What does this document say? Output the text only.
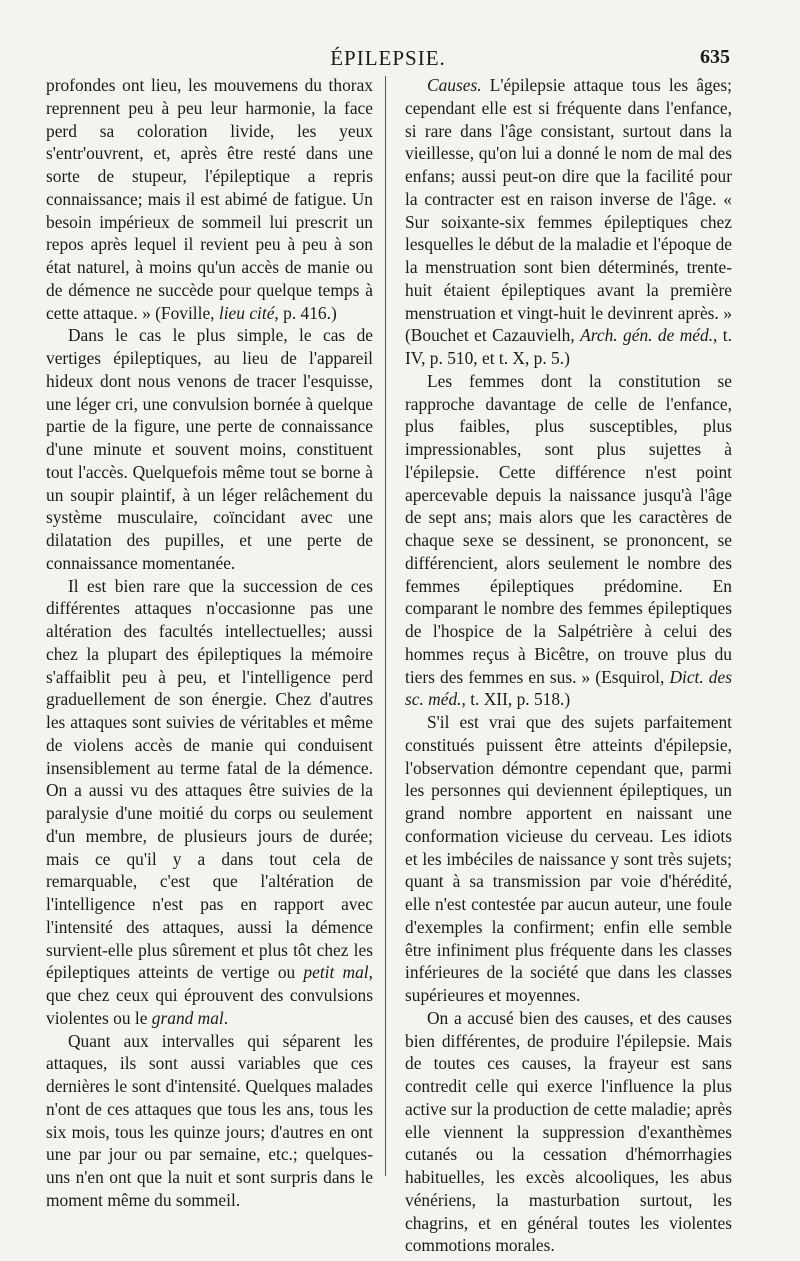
ÉPILEPSIE.	635

profondes ont lieu, les mouvemens du thorax reprennent peu à peu leur harmonie, la face perd sa coloration livide, les yeux s'entr'ouvrent, et, après être resté dans une sorte de stupeur, l'épileptique a repris connaissance; mais il est abimé de fatigue. Un besoin impérieux de sommeil lui prescrit un repos après lequel il revient peu à peu à son état naturel, à moins qu'un accès de manie ou de démence ne succède pour quelque temps à cette attaque. » (Foville, lieu cité, p. 416.)

Dans le cas le plus simple, le cas de vertiges épileptiques, au lieu de l'appareil hideux dont nous venons de tracer l'esquisse, une léger cri, une convulsion bornée à quelque partie de la figure, une perte de connaissance d'une minute et souvent moins, constituent tout l'accès. Quelquefois même tout se borne à un soupir plaintif, à un léger relâchement du système musculaire, coïncidant avec une dilatation des pupilles, et une perte de connaissance momentanée.

Il est bien rare que la succession de ces différentes attaques n'occasionne pas une altération des facultés intellectuelles; aussi chez la plupart des épileptiques la mémoire s'affaiblit peu à peu, et l'intelligence perd graduellement de son énergie. Chez d'autres les attaques sont suivies de véritables et même de violens accès de manie qui conduisent insensiblement au terme fatal de la démence. On a aussi vu des attaques être suivies de la paralysie d'une moitié du corps ou seulement d'un membre, de plusieurs jours de durée; mais ce qu'il y a dans tout cela de remarquable, c'est que l'altération de l'intelligence n'est pas en rapport avec l'intensité des attaques, aussi la démence survient-elle plus sûrement et plus tôt chez les épileptiques atteints de vertige ou petit mal, que chez ceux qui éprouvent des convulsions violentes ou le grand mal.

Quant aux intervalles qui séparent les attaques, ils sont aussi variables que ces dernières le sont d'intensité. Quelques malades n'ont de ces attaques que tous les ans, tous les six mois, tous les quinze jours; d'autres en ont une par jour ou par semaine, etc.; quelques-uns n'en ont que la nuit et sont surpris dans le moment même du sommeil.

Causes. L'épilepsie attaque tous les âges; cependant elle est si fréquente dans l'enfance, si rare dans l'âge consistant, surtout dans la vieillesse, qu'on lui a donné le nom de mal des enfans; aussi peut-on dire que la facilité pour la contracter est en raison inverse de l'âge. « Sur soixante-six femmes épileptiques chez lesquelles le début de la maladie et l'époque de la menstruation sont bien déterminés, trente-huit étaient épileptiques avant la première menstruation et vingt-huit le devinrent après. » (Bouchet et Cazauvielh, Arch. gén. de méd., t. IV, p. 510, et t. X, p. 5.)

Les femmes dont la constitution se rapproche davantage de celle de l'enfance, plus faibles, plus susceptibles, plus impressionables, sont plus sujettes à l'épilepsie. Cette différence n'est point apercevable depuis la naissance jusqu'à l'âge de sept ans; mais alors que les caractères de chaque sexe se dessinent, se prononcent, se différencient, alors seulement le nombre des femmes épileptiques prédomine. En comparant le nombre des femmes épileptiques de l'hospice de la Salpétrière à celui des hommes reçus à Bicêtre, on trouve plus du tiers des femmes en sus. » (Esquirol, Dict. des sc. méd., t. XII, p. 518.)

S'il est vrai que des sujets parfaitement constitués puissent être atteints d'épilepsie, l'observation démontre cependant que, parmi les personnes qui deviennent épileptiques, un grand nombre apportent en naissant une conformation vicieuse du cerveau. Les idiots et les imbéciles de naissance y sont très sujets; quant à sa transmission par voie d'hérédité, elle n'est contestée par aucun auteur, une foule d'exemples la confirment; enfin elle semble être infiniment plus fréquente dans les classes inférieures de la société que dans les classes supérieures et moyennes.

On a accusé bien des causes, et des causes bien différentes, de produire l'épilepsie. Mais de toutes ces causes, la frayeur est sans contredit celle qui exerce l'influence la plus active sur la production de cette maladie; après elle viennent la suppression d'exanthèmes cutanés ou la cessation d'hémorrhagies habituelles, les excès alcooliques, les abus vénériens, la masturbation surtout, les chagrins, et en général toutes les violentes commotions morales.
